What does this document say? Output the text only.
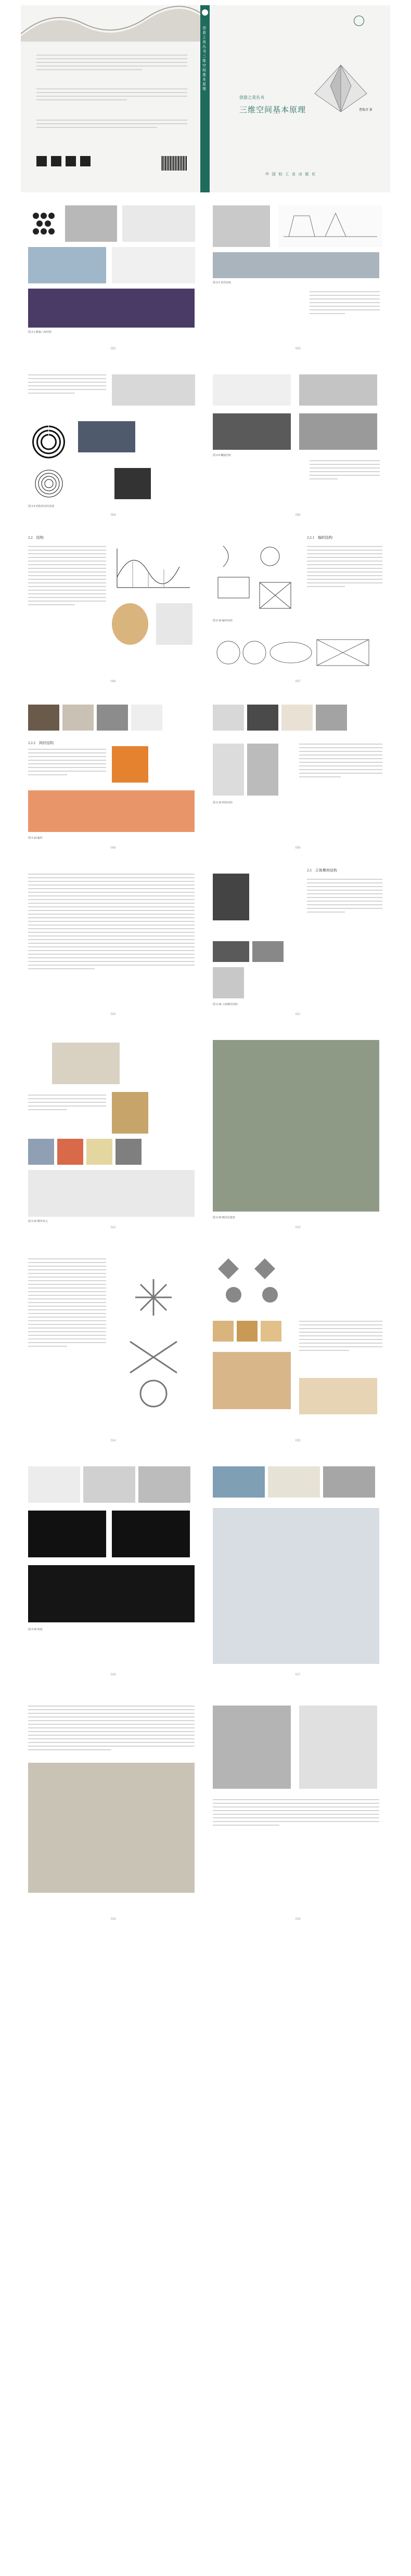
创意之美丛书 三维空间基本原理
创意之美丛书
三维空间基本原理	曹筱君 著
中 国 轻 工 业 出 版 社
图 2-1 蜂巢六角结构
002
图 2-2 柔性结构
003
图 2-4 结构形态的表现
004
图 2-6 螺旋结构
005
2.2　结构
006
2.2.1　编织结构
图 2-10 编织结构
007
2.2.2　网状结构
图 2-13 编织
008
图 2-15 网状结构
009
010
2.3　立体模块结构
图 2-18 立体模块结构
011
图 2-22 模块单元
012
图 2-20 模块化建筑
013
014	015
图 2-25 构成
016	017
018	019
